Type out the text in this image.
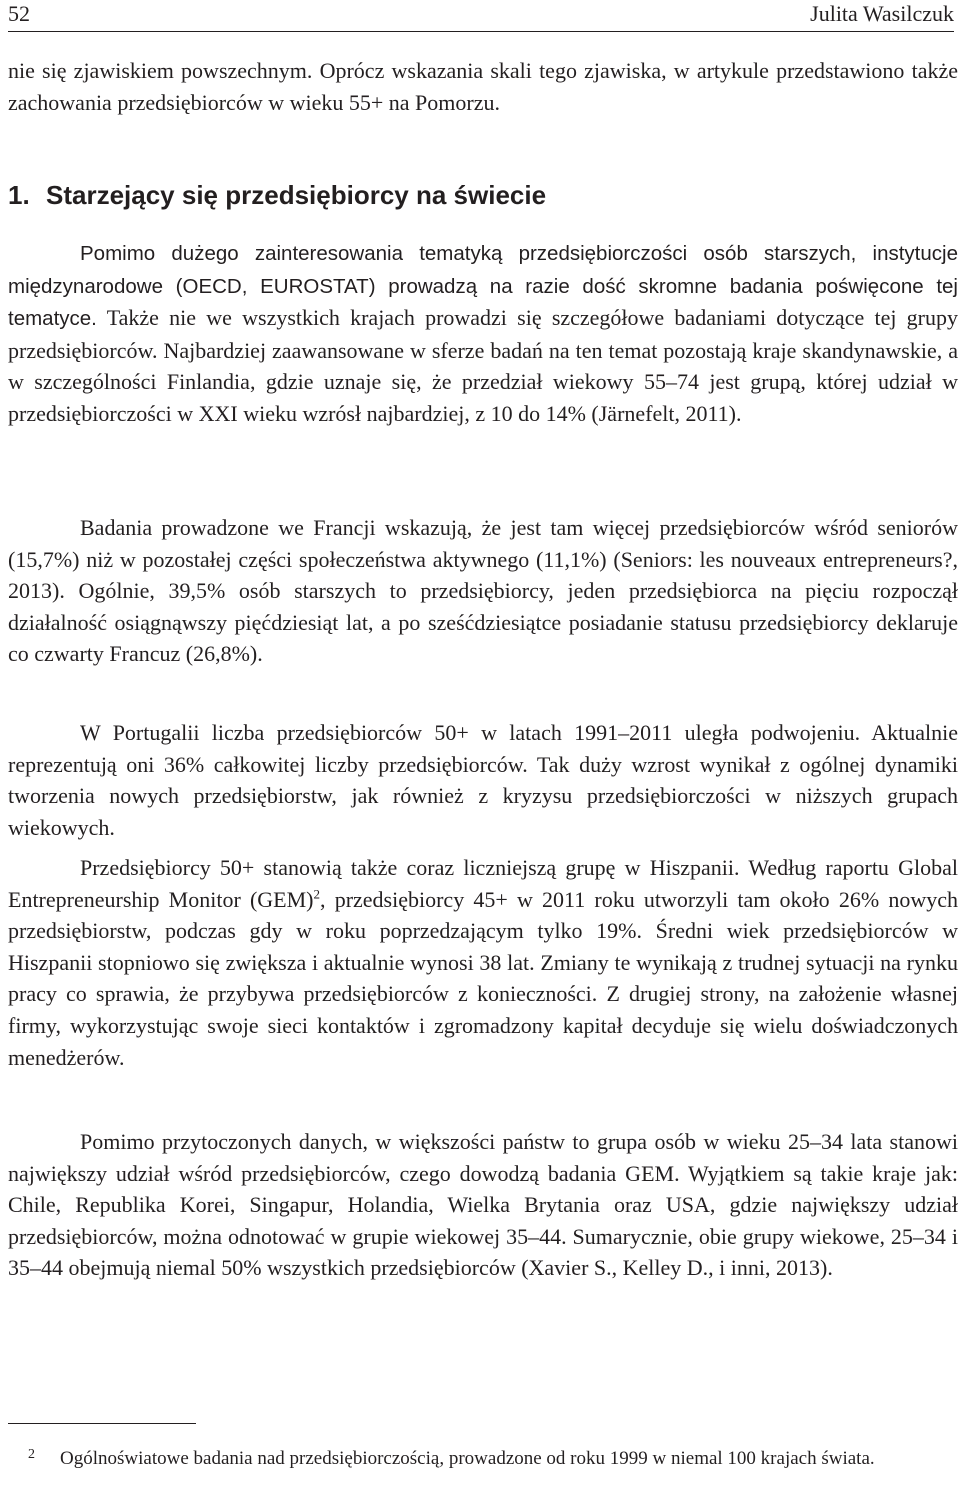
52	Julita Wasilczuk

nie się zjawiskiem powszechnym. Oprócz wskazania skali tego zjawiska, w artykule przedstawiono także zachowania przedsiębiorców w wieku 55+ na Pomorzu.

1. Starzejący się przedsiębiorcy na świecie

Pomimo dużego zainteresowania tematyką przedsiębiorczości osób starszych, instytucje międzynarodowe (OECD, EUROSTAT) prowadzą na razie dość skromne badania poświęcone tej tematyce. Także nie we wszystkich krajach prowadzi się szczegółowe badaniami dotyczące tej grupy przedsiębiorców. Najbardziej zaawansowane w sferze badań na ten temat pozostają kraje skandynawskie, a w szczególności Finlandia, gdzie uznaje się, że przedział wiekowy 55–74 jest grupą, której udział w przedsiębiorczości w XXI wieku wzrósł najbardziej, z 10 do 14% (Järnefelt, 2011).

Badania prowadzone we Francji wskazują, że jest tam więcej przedsiębiorców wśród seniorów (15,7%) niż w pozostałej części społeczeństwa aktywnego (11,1%) (Seniors: les nouveaux entrepreneurs?, 2013). Ogólnie, 39,5% osób starszych to przedsiębiorcy, jeden przedsiębiorca na pięciu rozpoczął działalność osiągnąwszy pięćdziesiąt lat, a po sześćdziesiątce posiadanie statusu przedsiębiorcy deklaruje co czwarty Francuz (26,8%).

W Portugalii liczba przedsiębiorców 50+ w latach 1991–2011 uległa podwojeniu. Aktualnie reprezentują oni 36% całkowitej liczby przedsiębiorców. Tak duży wzrost wynikał z ogólnej dynamiki tworzenia nowych przedsiębiorstw, jak również z kryzysu przedsiębiorczości w niższych grupach wiekowych.

Przedsiębiorcy 50+ stanowią także coraz liczniejszą grupę w Hiszpanii. Według raportu Global Entrepreneurship Monitor (GEM)$^2$, przedsiębiorcy 45+ w 2011 roku utworzyli tam około 26% nowych przedsiębiorstw, podczas gdy w roku poprzedzającym tylko 19%. Średni wiek przedsiębiorców w Hiszpanii stopniowo się zwiększa i aktualnie wynosi 38 lat. Zmiany te wynikają z trudnej sytuacji na rynku pracy co sprawia, że przybywa przedsiębiorców z konieczności. Z drugiej strony, na założenie własnej firmy, wykorzystując swoje sieci kontaktów i zgromadzony kapitał decyduje się wielu doświadczonych menedżerów.

Pomimo przytoczonych danych, w większości państw to grupa osób w wieku 25–34 lata stanowi największy udział wśród przedsiębiorców, czego dowodzą badania GEM. Wyjątkiem są takie kraje jak: Chile, Republika Korei, Singapur, Holandia, Wielka Brytania oraz USA, gdzie największy udział przedsiębiorców, można odnotować w grupie wiekowej 35–44. Sumarycznie, obie grupy wiekowe, 25–34 i 35–44 obejmują niemal 50% wszystkich przedsiębiorców (Xavier S., Kelley D., i inni, 2013).

2 Ogólnoświatowe badania nad przedsiębiorczością, prowadzone od roku 1999 w niemal 100 krajach świata.
